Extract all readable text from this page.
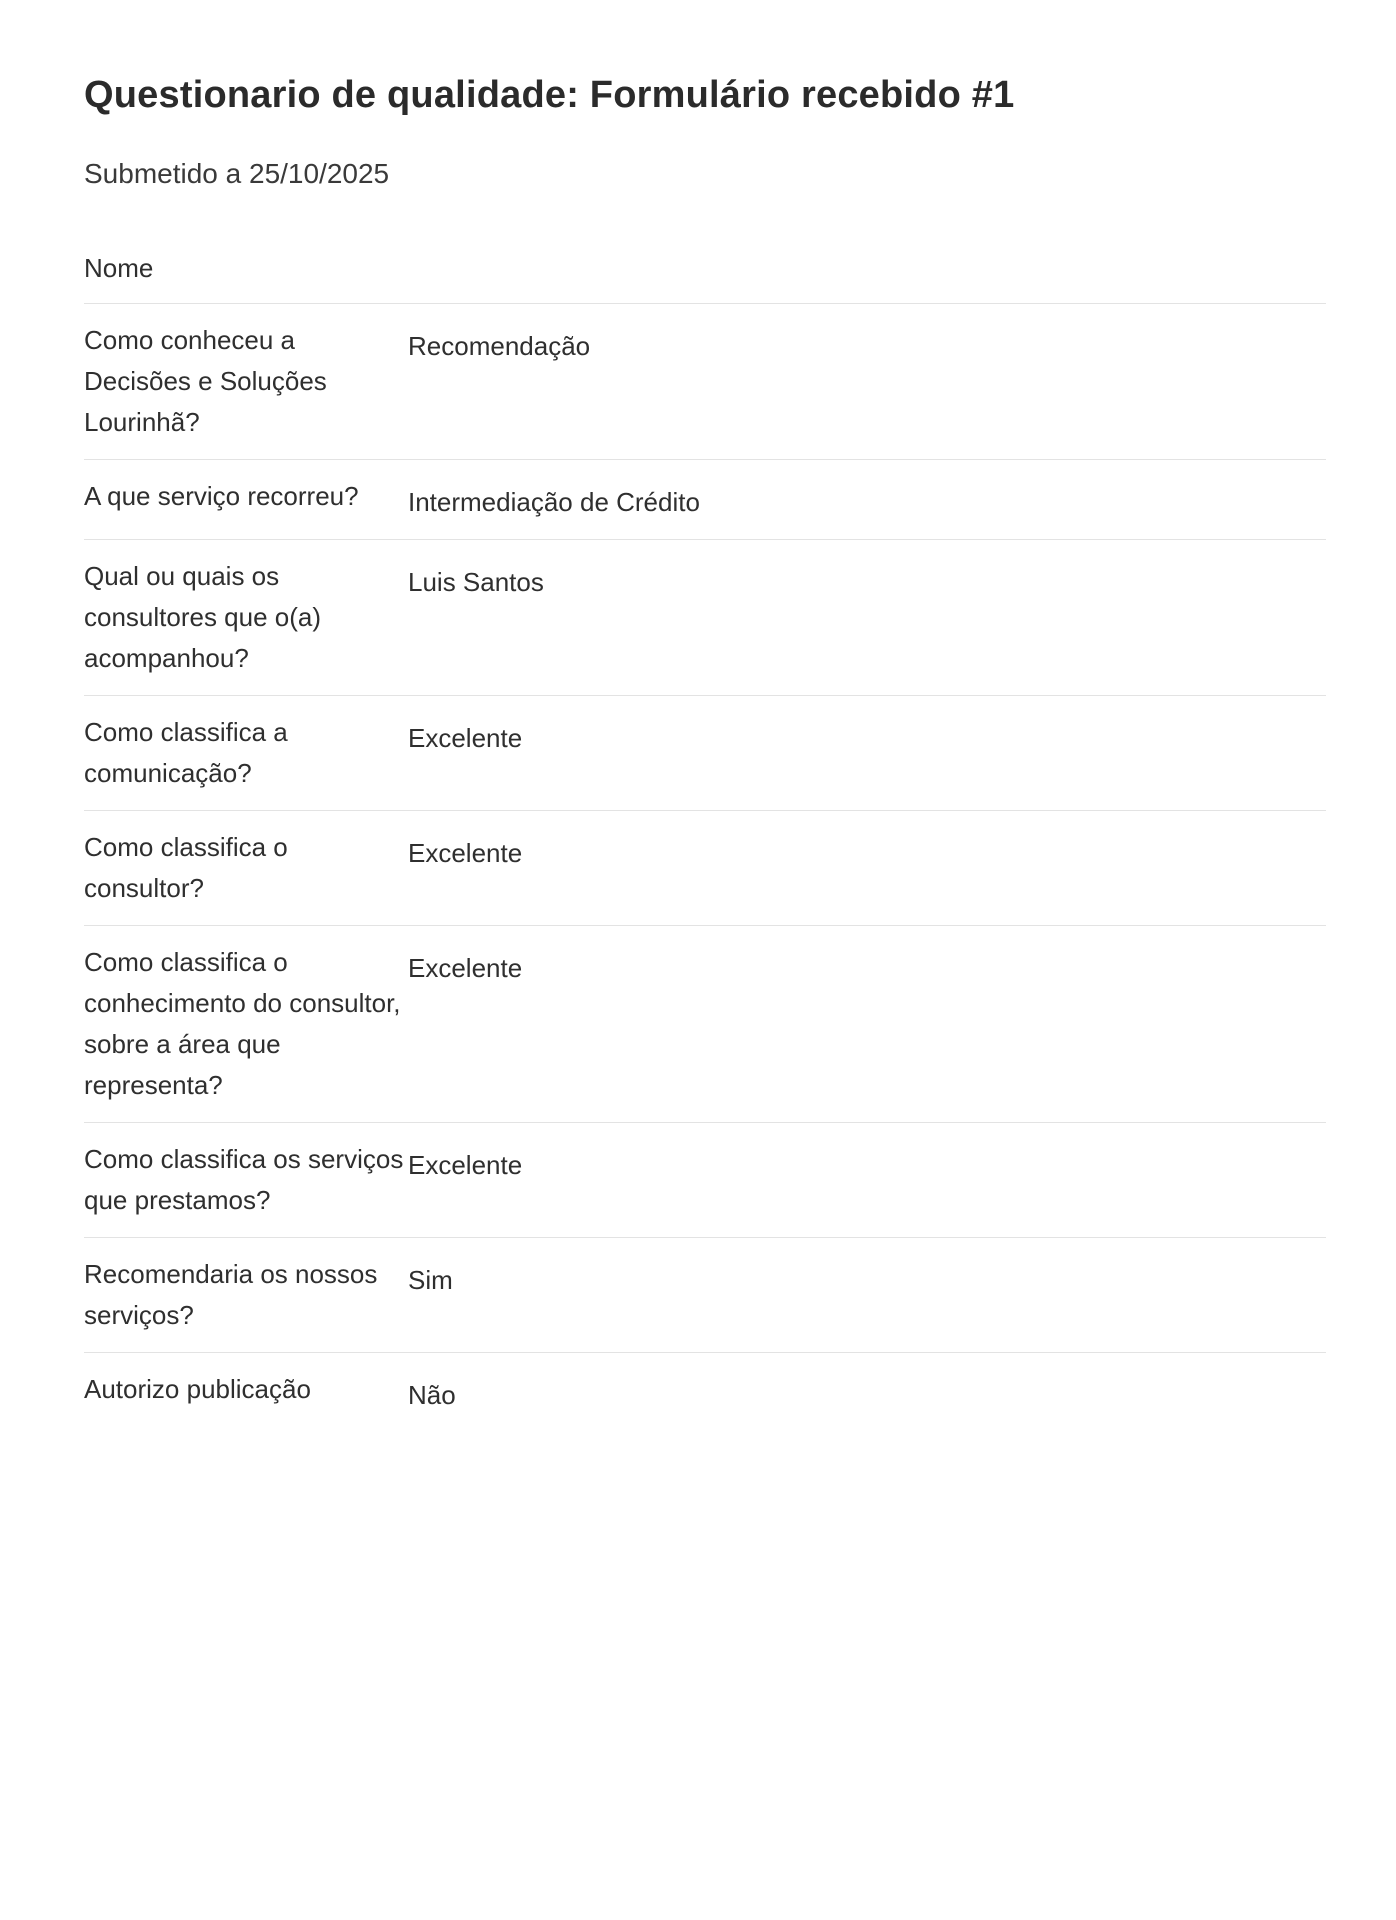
Questionario de qualidade: Formulário recebido #1

Submetido a 25/10/2025

Nome
Como conheceu a Decisões e Soluções Lourinhã?
Recomendação
A que serviço recorreu?	Intermediação de Crédito
Qual ou quais os consultores que o(a) acompanhou?
Luis Santos
Como classifica a comunicação?
Excelente
Como classifica o consultor?
Excelente
Como classifica o conhecimento do consultor, sobre a área que representa?
Excelente
Como classifica os serviços que prestamos?
Excelente
Recomendaria os nossos serviços?
Sim
Autorizo publicação	Não
